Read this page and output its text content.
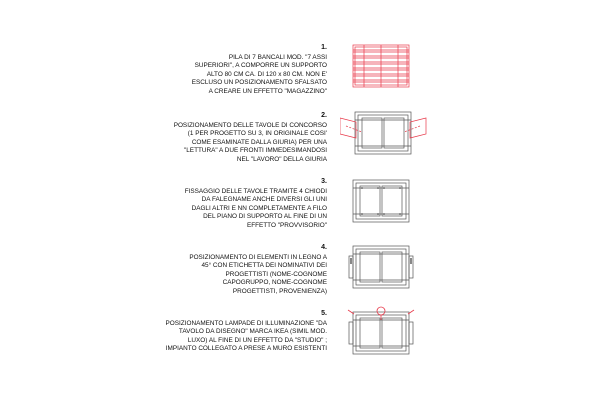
1.
PILA DI 7 BANCALI MOD. "7 ASSI
SUPERIORI", A COMPORRE UN SUPPORTO
ALTO 80 CM CA. DI 120 x 80 CM. NON E'
ESCLUSO UN POSIZIONAMENTO SFALSATO
A CREARE UN EFFETTO "MAGAZZINO"
2.
POSIZIONAMENTO DELLE TAVOLE DI CONCORSO
(1 PER PROGETTO SU 3, IN ORIGINALE COSI'
COME ESAMINATE DALLA GIURIA) PER UNA
"LETTURA" A DUE FRONTI IMMEDESIMANDOSI
NEL "LAVORO" DELLA GIURIA
3.
FISSAGGIO DELLE TAVOLE TRAMITE 4 CHIODI
DA FALEGNAME ANCHE DIVERSI GLI UNI
DAGLI ALTRI E NN COMPLETAMENTE A FILO
DEL PIANO DI SUPPORTO AL FINE DI UN
EFFETTO "PROVVISORIO"
4.
POSIZIONAMENTO DI ELEMENTI IN LEGNO A
45° CON ETICHETTA DEI NOMINATIVI DEI
PROGETTISTI (NOME-COGNOME
CAPOGRUPPO, NOME-COGNOME
PROGETTISTI, PROVENIENZA)
5.
POSIZIONAMENTO LAMPADE DI ILLUMINAZIONE "DA
TAVOLO DA DISEGNO" MARCA IKEA (SIMIL MOD.
LUXO) AL FINE DI UN EFFETTO DA "STUDIO" ;
IMPIANTO COLLEGATO A PRESE A MURO ESISTENTI
